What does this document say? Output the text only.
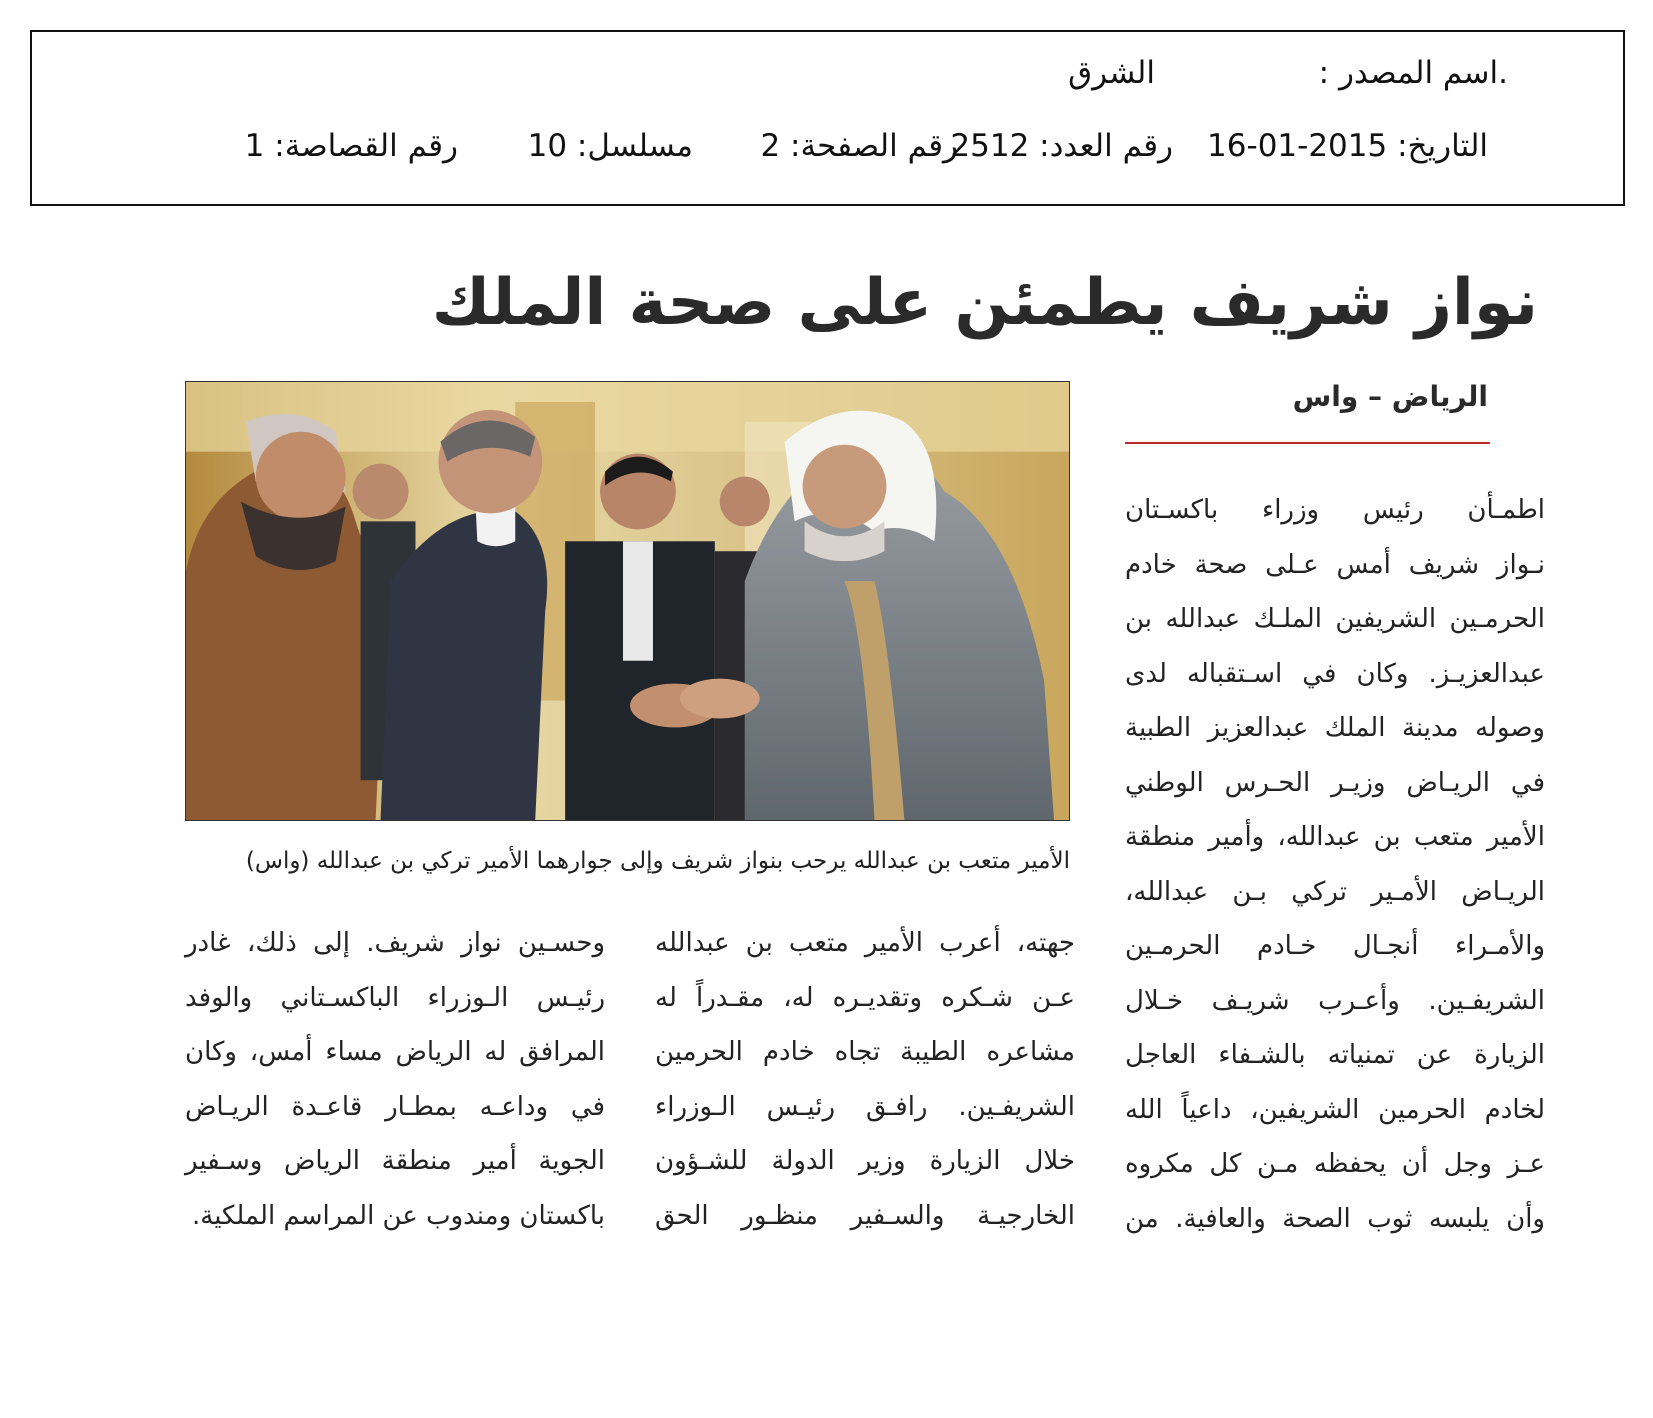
.اسم المصدر :
الشرق
التاريخ: 2015-01-16
رقم العدد: 2512
رقم الصفحة: 2
مسلسل: 10
رقم القصاصة: 1
نواز شريف يطمئن على صحة الملك
الرياض – واس
الأمير متعب بن عبدالله يرحب بنواز شريف وإلى جوارهما الأمير تركي بن عبدالله (واس)
اطمـأن رئيس وزراء باكسـتان
نـواز شريف أمس عـلى صحة خادم
الحرمـين الشريفين الملـك عبدالله بن
عبدالعزيـز. وكان في اسـتقباله لدى
وصوله مدينة الملك عبدالعزيز الطبية
في الريـاض وزيـر الحـرس الوطني
الأمير متعب بن عبدالله، وأمير منطقة
الريـاض الأمـير تركي بـن عبدالله،
والأمـراء أنجـال خـادم الحرمـين
الشريفـين. وأعـرب شريـف خـلال
الزيارة عن تمنياته بالشـفاء العاجل
لخادم الحرمين الشريفين، داعياً الله
عـز وجل أن يحفظه مـن كل مكروه
وأن يلبسه ثوب الصحة والعافية. من
جهته، أعرب الأمير متعب بن عبدالله
عـن شـكره وتقديـره له، مقـدراً له
مشاعره الطيبة تجاه خادم الحرمين
الشريفـين. رافـق رئيـس الـوزراء
خلال الزيارة وزير الدولة للشـؤون
الخارجيـة والسـفير منظـور الحق
وحسـين نواز شريف. إلى ذلك، غادر
رئيـس الـوزراء الباكسـتاني والوفد
المرافق له الرياض مساء أمس، وكان
في وداعـه بمطـار قاعـدة الريـاض
الجوية أمير منطقة الرياض وسـفير
باكستان ومندوب عن المراسم الملكية.
